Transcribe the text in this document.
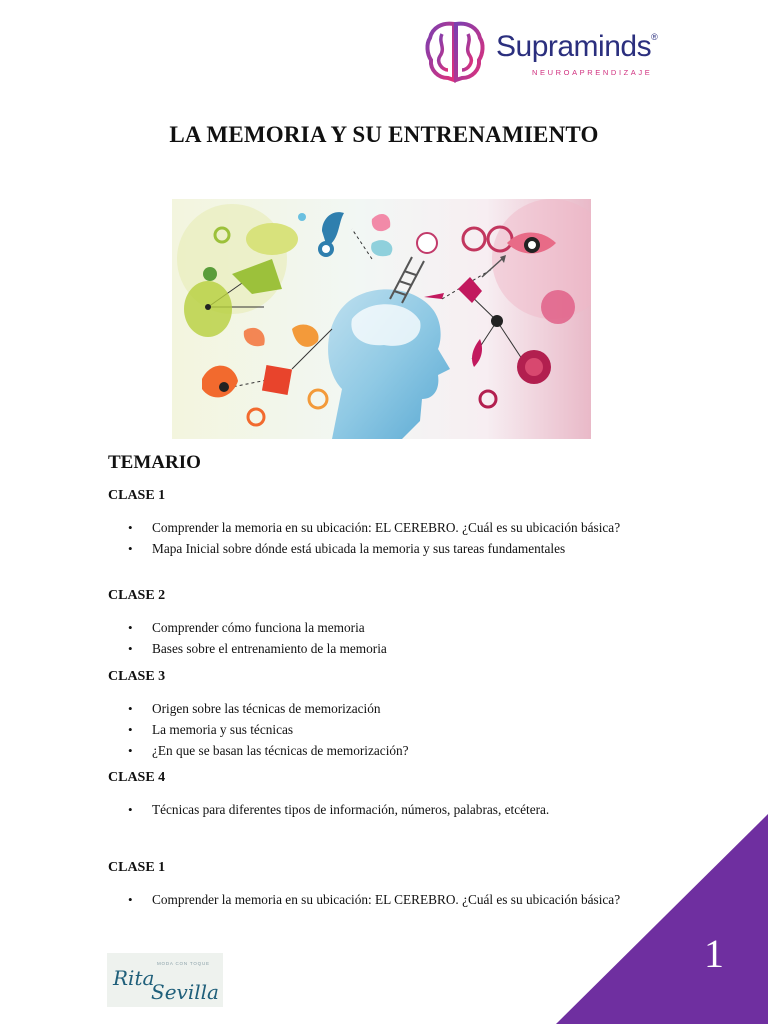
Supraminds®
NEUROAPRENDIZAJE
LA MEMORIA Y SU ENTRENAMIENTO
TEMARIO
CLASE 1
• Comprender la memoria en su ubicación: EL CEREBRO. ¿Cuál es su ubicación básica?
• Mapa Inicial sobre dónde está ubicada la memoria y sus tareas fundamentales
CLASE 2
• Comprender cómo funciona la memoria
• Bases sobre el entrenamiento de la memoria
CLASE 3
• Origen sobre las técnicas de memorización
• La memoria y sus técnicas
• ¿En que se basan las técnicas de memorización?
CLASE 4
• Técnicas para diferentes tipos de información, números, palabras, etcétera.
CLASE 1
• Comprender la memoria en su ubicación: EL CEREBRO. ¿Cuál es su ubicación básica?
1
MODA CON TOQUE
Rita
Sevilla
